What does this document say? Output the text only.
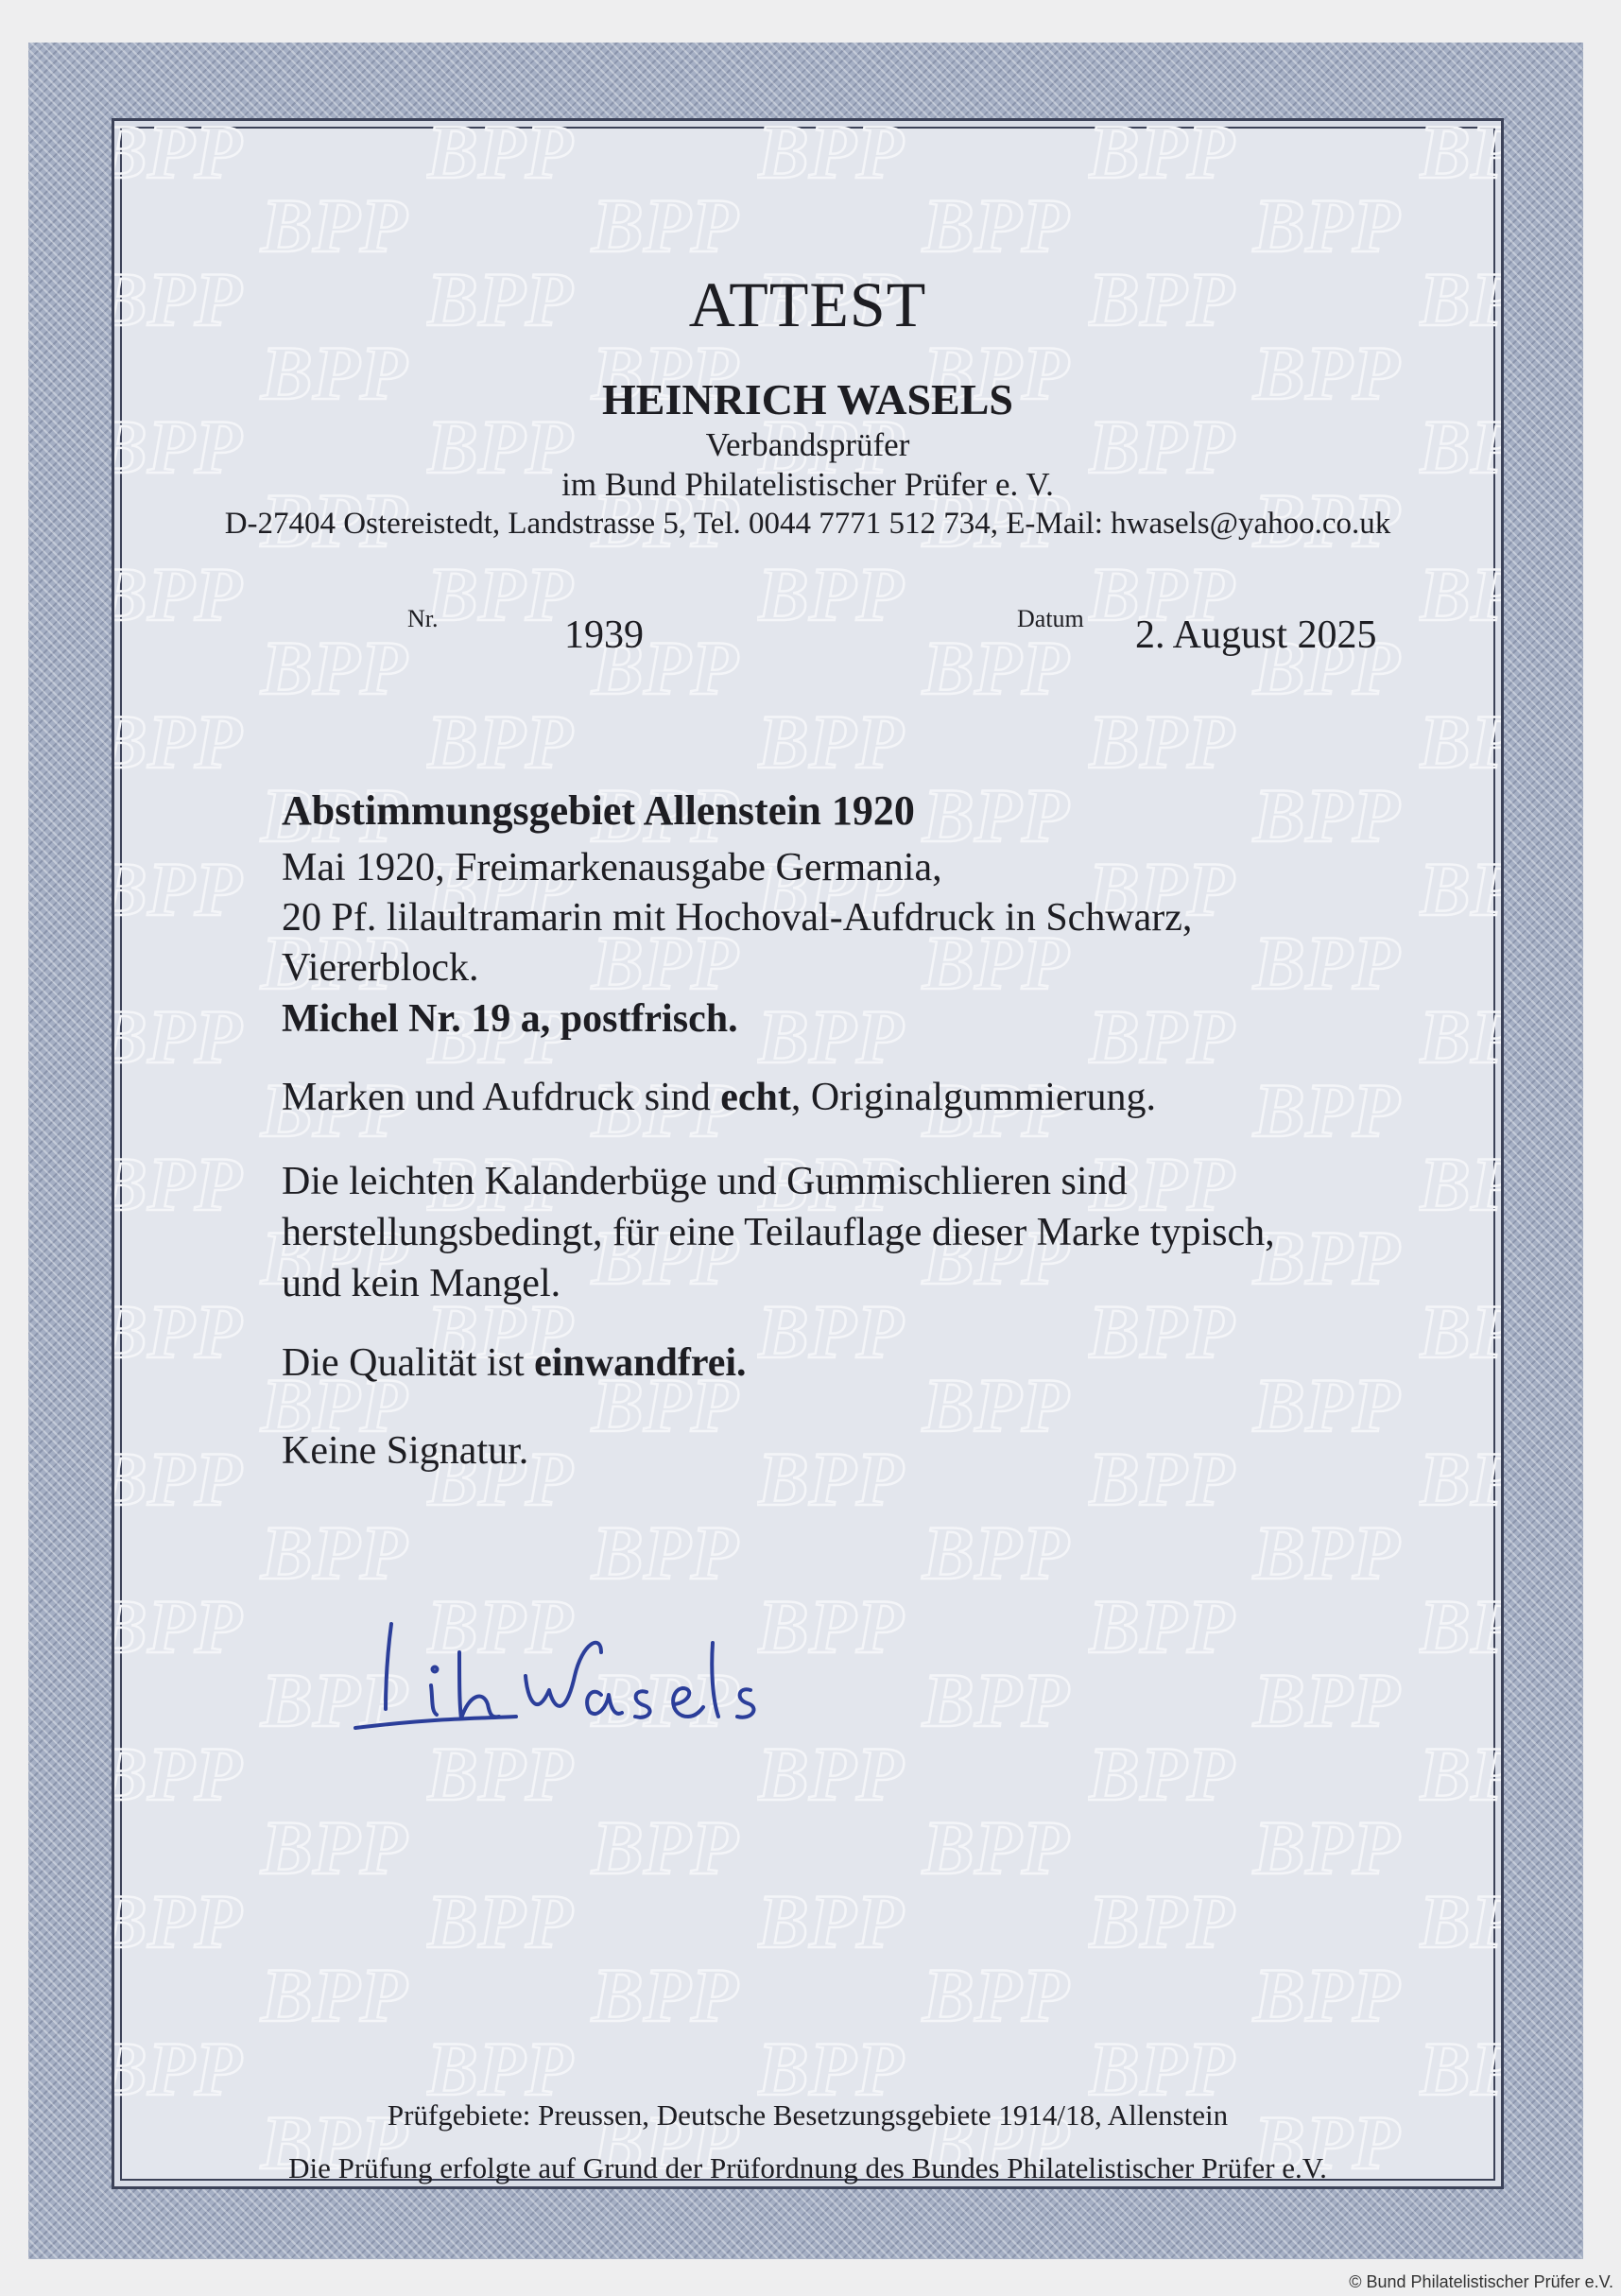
ATTEST

HEINRICH WASELS

Verbandsprüfer

im Bund Philatelistischer Prüfer e. V.

D-27404 Ostereistedt, Landstrasse 5, Tel. 0044 7771 512 734, E-Mail: hwasels@yahoo.co.uk

Nr.	1939	Datum 2. August 2025

Abstimmungsgebiet Allenstein 1920

Mai 1920, Freimarkenausgabe Germania,

20 Pf. lilaultramarin mit Hochoval-Aufdruck in Schwarz,

Viererblock.

Michel Nr. 19 a, postfrisch.

Marken und Aufdruck sind echt, Originalgummierung.

Die leichten Kalanderbüge und Gummischlieren sind

herstellungsbedingt, für eine Teilauflage dieser Marke typisch,

und kein Mangel.

Die Qualität ist einwandfrei.

Keine Signatur.

Prüfgebiete: Preussen, Deutsche Besetzungsgebiete 1914/18, Allenstein

Die Prüfung erfolgte auf Grund der Prüfordnung des Bundes Philatelistischer Prüfer e.V.

© Bund Philatelistischer Prüfer e.V.
